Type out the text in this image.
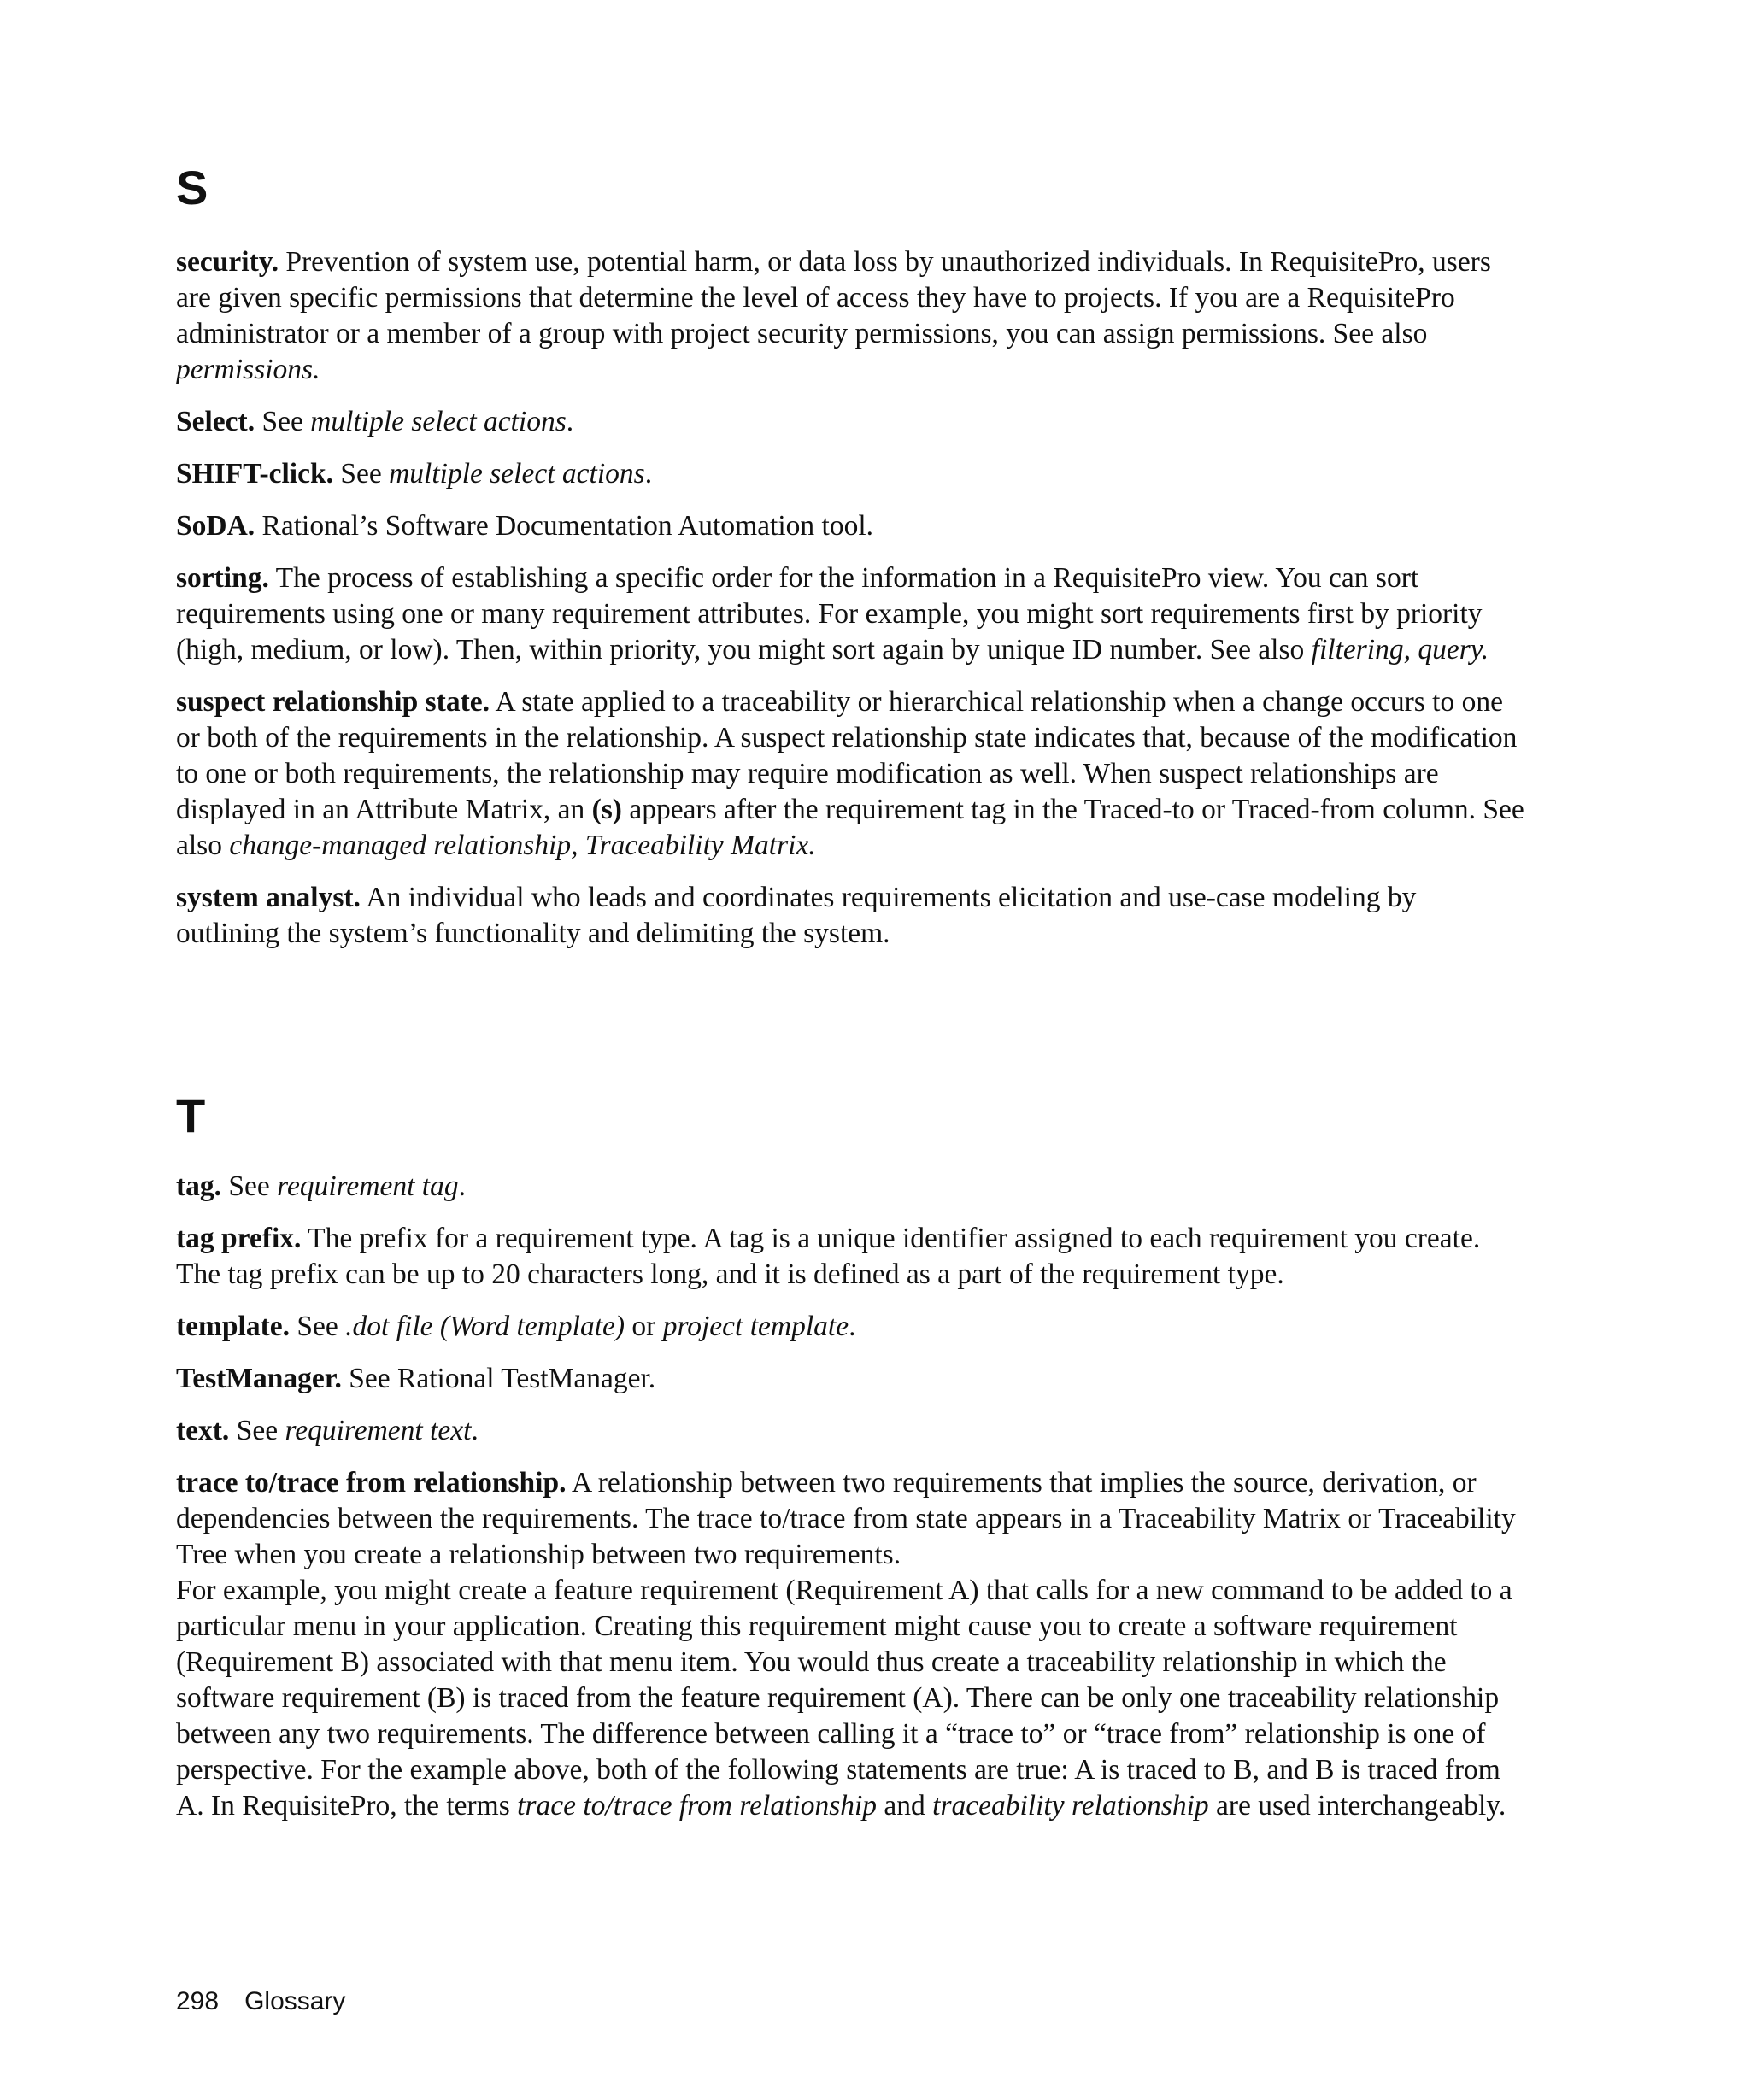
S

security. Prevention of system use, potential harm, or data loss by unauthorized individuals. In RequisitePro, users are given specific permissions that determine the level of access they have to projects. If you are a RequisitePro administrator or a member of a group with project security permissions, you can assign permissions. See also permissions.

Select. See multiple select actions.

SHIFT-click. See multiple select actions.

SoDA. Rational’s Software Documentation Automation tool.

sorting. The process of establishing a specific order for the information in a RequisitePro view. You can sort requirements using one or many requirement attributes. For example, you might sort requirements first by priority (high, medium, or low). Then, within priority, you might sort again by unique ID number. See also filtering, query.

suspect relationship state. A state applied to a traceability or hierarchical relationship when a change occurs to one or both of the requirements in the relationship. A suspect relationship state indicates that, because of the modification to one or both requirements, the relationship may require modification as well. When suspect relationships are displayed in an Attribute Matrix, an (s) appears after the requirement tag in the Traced-to or Traced-from column. See also change-managed relationship, Traceability Matrix.

system analyst. An individual who leads and coordinates requirements elicitation and use-case modeling by outlining the system’s functionality and delimiting the system.

T

tag. See requirement tag.

tag prefix. The prefix for a requirement type. A tag is a unique identifier assigned to each requirement you create. The tag prefix can be up to 20 characters long, and it is defined as a part of the requirement type.

template. See .dot file (Word template) or project template.

TestManager. See Rational TestManager.

text. See requirement text.

trace to/trace from relationship. A relationship between two requirements that implies the source, derivation, or dependencies between the requirements. The trace to/trace from state appears in a Traceability Matrix or Traceability Tree when you create a relationship between two requirements.
For example, you might create a feature requirement (Requirement A) that calls for a new command to be added to a particular menu in your application. Creating this requirement might cause you to create a software requirement (Requirement B) associated with that menu item. You would thus create a traceability relationship in which the software requirement (B) is traced from the feature requirement (A). There can be only one traceability relationship between any two requirements. The difference between calling it a “trace to” or “trace from” relationship is one of perspective. For the example above, both of the following statements are true: A is traced to B, and B is traced from A. In RequisitePro, the terms trace to/trace from relationship and traceability relationship are used interchangeably.

298 Glossary
